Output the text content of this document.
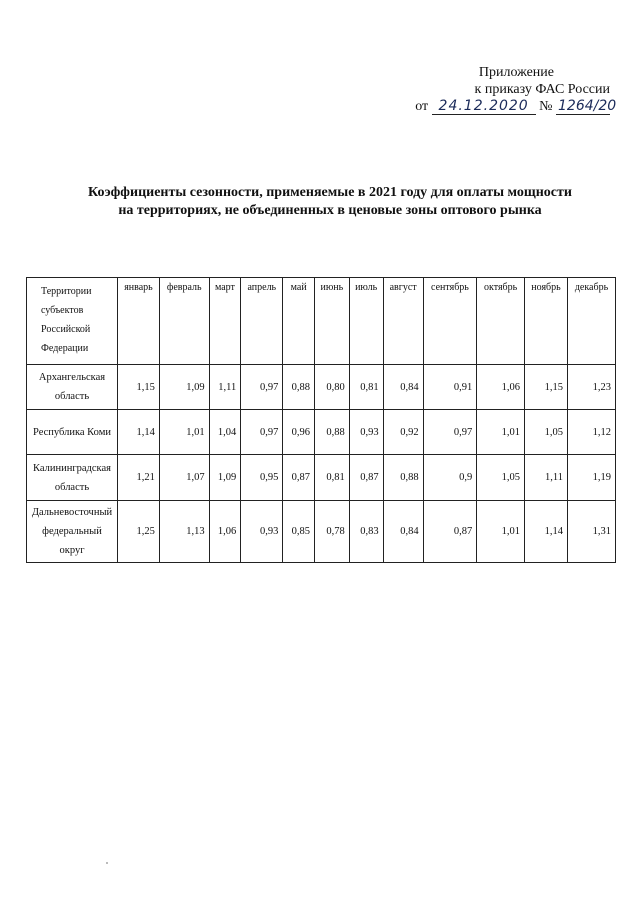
Приложение
к приказу ФАС России
от 24.12.2020 № 1264/20
Коэффициенты сезонности, применяемые в 2021 году для оплаты мощности на территориях, не объединенных в ценовые зоны оптового рынка
Территории субъектов Российской Федерации	январь	февраль	март	апрель	май	июнь	июль	август	сентябрь	октябрь	ноябрь	декабрь
Архангельская область	1,15	1,09	1,11	0,97	0,88	0,80	0,81	0,84	0,91	1,06	1,15	1,23
Республика Коми	1,14	1,01	1,04	0,97	0,96	0,88	0,93	0,92	0,97	1,01	1,05	1,12
Калининградская область	1,21	1,07	1,09	0,95	0,87	0,81	0,87	0,88	0,9	1,05	1,11	1,19
Дальневосточный федеральный округ	1,25	1,13	1,06	0,93	0,85	0,78	0,83	0,84	0,87	1,01	1,14	1,31
